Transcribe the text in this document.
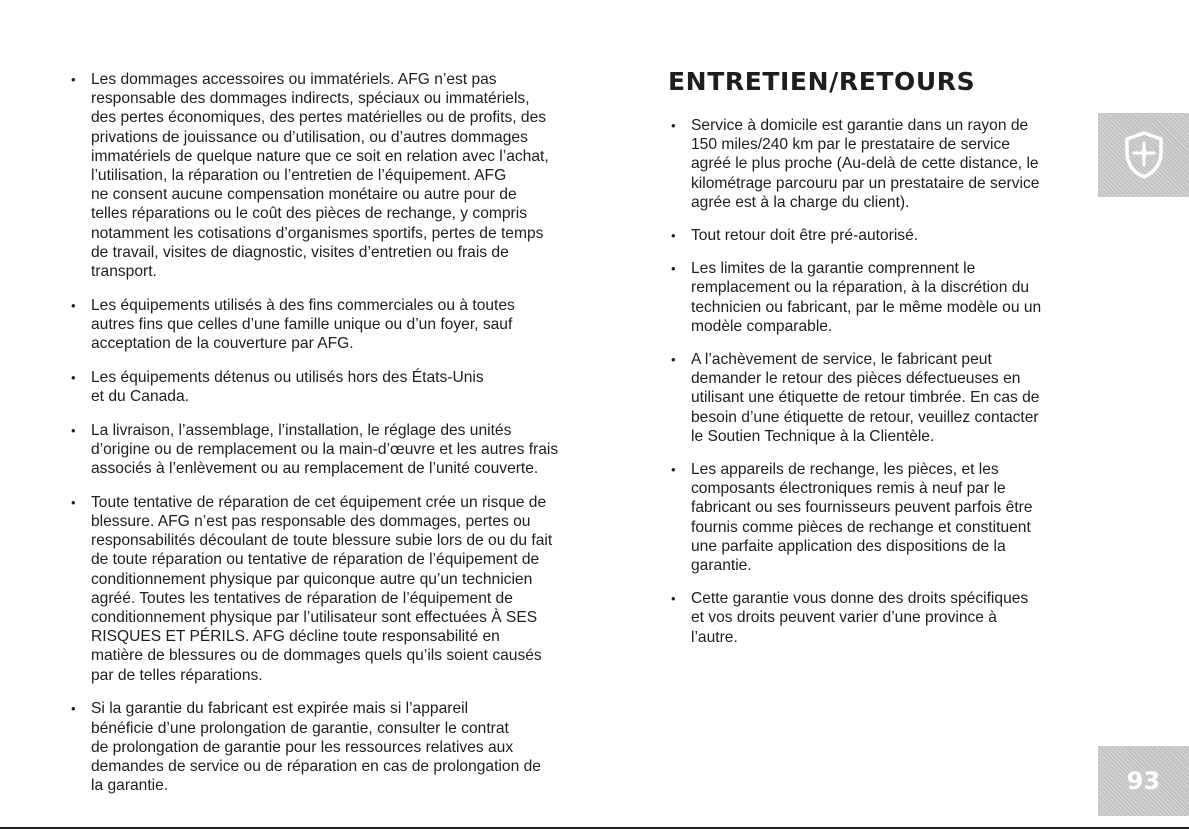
• Les dommages accessoires ou immatériels. AFG n’est pas
responsable des dommages indirects, spéciaux ou immatériels,
des pertes économiques, des pertes matérielles ou de profits, des
privations de jouissance ou d’utilisation, ou d’autres dommages
immatériels de quelque nature que ce soit en relation avec l’achat,
l’utilisation, la réparation ou l’entretien de l’équipement. AFG
ne consent aucune compensation monétaire ou autre pour de
telles réparations ou le coût des pièces de rechange, y compris
notamment les cotisations d’organismes sportifs, pertes de temps
de travail, visites de diagnostic, visites d’entretien ou frais de
transport.
• Les équipements utilisés à des fins commerciales ou à toutes
autres fins que celles d’une famille unique ou d’un foyer, sauf
acceptation de la couverture par AFG.
• Les équipements détenus ou utilisés hors des États-Unis
et du Canada.
• La livraison, l’assemblage, l’installation, le réglage des unités
d’origine ou de remplacement ou la main-d’œuvre et les autres frais
associés à l’enlèvement ou au remplacement de l’unité couverte.
• Toute tentative de réparation de cet équipement crée un risque de
blessure. AFG n’est pas responsable des dommages, pertes ou
responsabilités découlant de toute blessure subie lors de ou du fait
de toute réparation ou tentative de réparation de l’équipement de
conditionnement physique par quiconque autre qu’un technicien
agréé. Toutes les tentatives de réparation de l’équipement de
conditionnement physique par l’utilisateur sont effectuées À SES
RISQUES ET PÉRILS. AFG décline toute responsabilité en
matière de blessures ou de dommages quels qu’ils soient causés
par de telles réparations.
• Si la garantie du fabricant est expirée mais si l’appareil
bénéficie d’une prolongation de garantie, consulter le contrat
de prolongation de garantie pour les ressources relatives aux
demandes de service ou de réparation en cas de prolongation de
la garantie.
ENTRETIEN/RETOURS
• Service à domicile est garantie dans un rayon de
150 miles/240 km par le prestataire de service
agréé le plus proche (Au-delà de cette distance, le
kilométrage parcouru par un prestataire de service
agrée est à la charge du client).
• Tout retour doit être pré-autorisé.
• Les limites de la garantie comprennent le
remplacement ou la réparation, à la discrétion du
technicien ou fabricant, par le même modèle ou un
modèle comparable.
• A l’achèvement de service, le fabricant peut
demander le retour des pièces défectueuses en
utilisant une étiquette de retour timbrée. En cas de
besoin d’une étiquette de retour, veuillez contacter
le Soutien Technique à la Clientèle.
• Les appareils de rechange, les pièces, et les
composants électroniques remis à neuf par le
fabricant ou ses fournisseurs peuvent parfois être
fournis comme pièces de rechange et constituent
une parfaite application des dispositions de la
garantie.
• Cette garantie vous donne des droits spécifiques
et vos droits peuvent varier d’une province à
l’autre.
93
